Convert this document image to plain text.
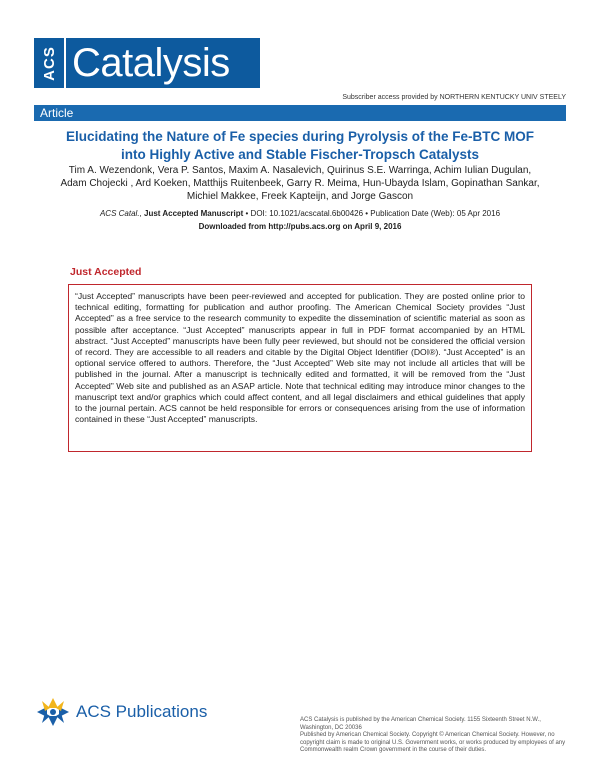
ACS Catalysis
Subscriber access provided by NORTHERN KENTUCKY UNIV STEELY
Article
Elucidating the Nature of Fe species during Pyrolysis of the Fe-BTC MOF into Highly Active and Stable Fischer-Tropsch Catalysts
Tim A. Wezendonk, Vera P. Santos, Maxim A. Nasalevich, Quirinus S.E. Warringa, Achim Iulian Dugulan, Adam Chojecki , Ard Koeken, Matthijs Ruitenbeek, Garry R. Meima, Hun-Ubayda Islam, Gopinathan Sankar, Michiel Makkee, Freek Kapteijn, and Jorge Gascon
ACS Catal., Just Accepted Manuscript • DOI: 10.1021/acscatal.6b00426 • Publication Date (Web): 05 Apr 2016
Downloaded from http://pubs.acs.org on April 9, 2016
Just Accepted
“Just Accepted” manuscripts have been peer-reviewed and accepted for publication. They are posted online prior to technical editing, formatting for publication and author proofing. The American Chemical Society provides “Just Accepted” as a free service to the research community to expedite the dissemination of scientific material as soon as possible after acceptance. “Just Accepted” manuscripts appear in full in PDF format accompanied by an HTML abstract. “Just Accepted” manuscripts have been fully peer reviewed, but should not be considered the official version of record. They are accessible to all readers and citable by the Digital Object Identifier (DOI®). “Just Accepted” is an optional service offered to authors. Therefore, the “Just Accepted” Web site may not include all articles that will be published in the journal. After a manuscript is technically edited and formatted, it will be removed from the “Just Accepted” Web site and published as an ASAP article. Note that technical editing may introduce minor changes to the manuscript text and/or graphics which could affect content, and all legal disclaimers and ethical guidelines that apply to the journal pertain. ACS cannot be held responsible for errors or consequences arising from the use of information contained in these “Just Accepted” manuscripts.
ACS Publications	ACS Catalysis is published by the American Chemical Society. 1155 Sixteenth Street N.W., Washington, DC 20036
Published by American Chemical Society. Copyright © American Chemical Society. However, no copyright claim is made to original U.S. Government works, or works produced by employees of any Commonwealth realm Crown government in the course of their duties.
